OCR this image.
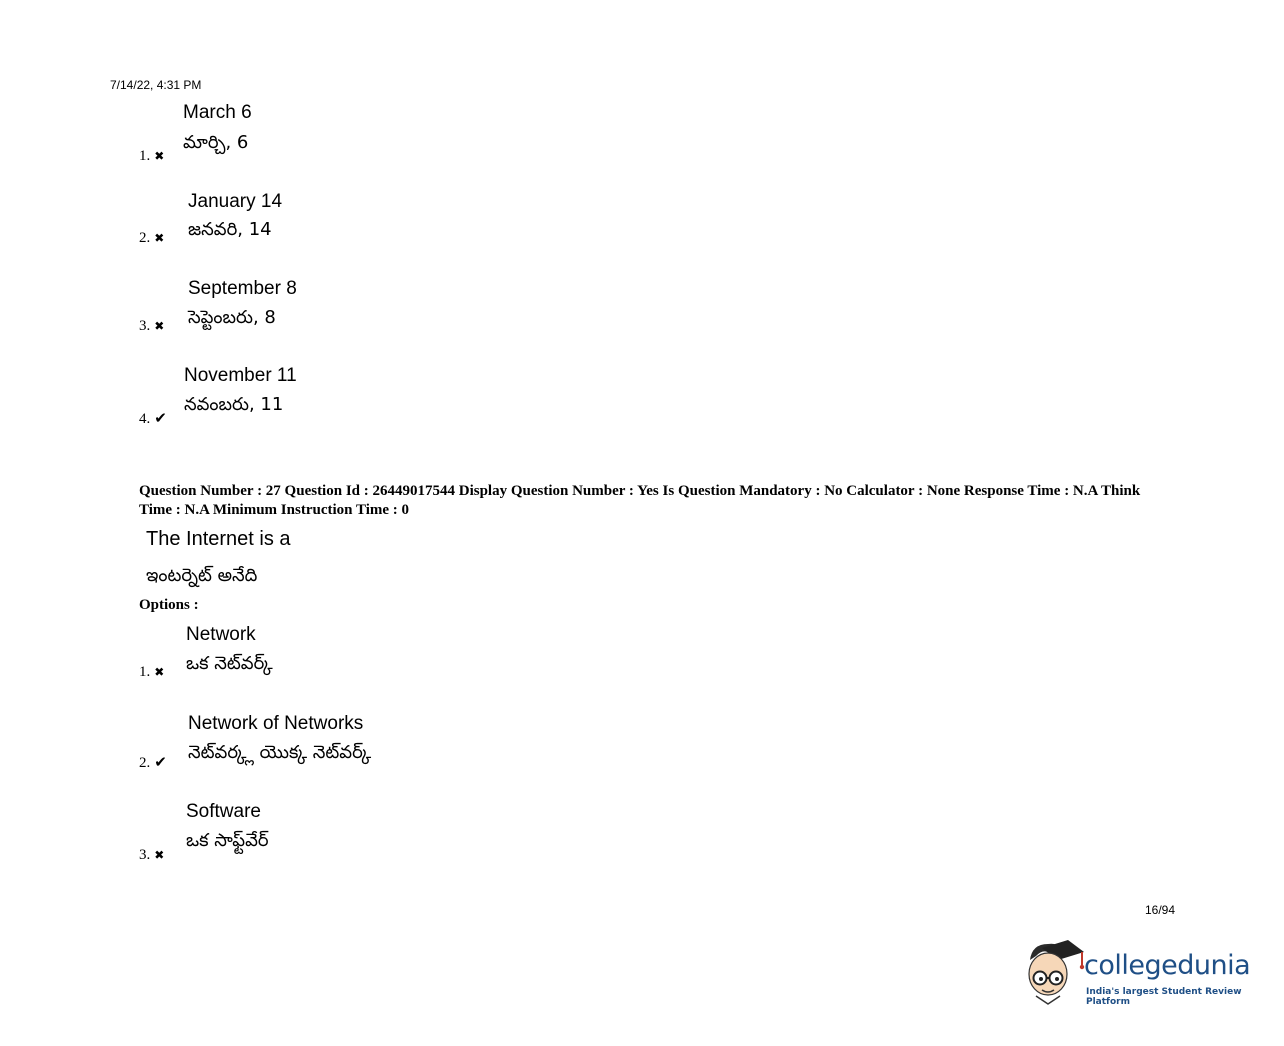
7/14/22, 4:31 PM
March 6
మార్చి, 6
1. ✖
January 14
జనవరి, 14
2. ✖
September 8
సెప్టెంబరు, 8
3. ✖
November 11
నవంబరు, 11
4. ✔
Question Number : 27 Question Id : 26449017544 Display Question Number : Yes Is Question Mandatory : No Calculator : None Response Time : N.A Think Time : N.A Minimum Instruction Time : 0
The Internet is a
ఇంటర్నెట్ అనేది
Options :
Network
ఒక నెట్‌వర్క్
1. ✖
Network of Networks
నెట్‌వర్క్ల యొక్క నెట్‌వర్క్
2. ✔
Software
ఒక సాఫ్ట్‌వేర్
3. ✖
16/94
collegedunia
India's largest Student Review Platform
